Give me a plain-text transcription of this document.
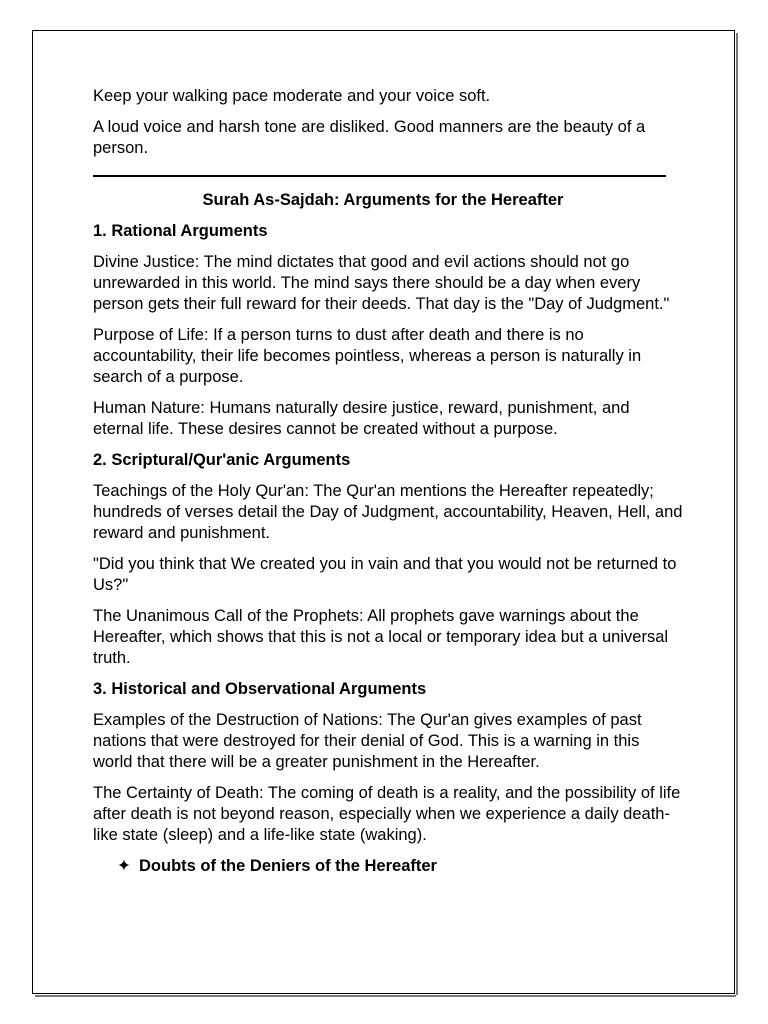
Keep your walking pace moderate and your voice soft.

A loud voice and harsh tone are disliked. Good manners are the beauty of a person.

Surah As-Sajdah: Arguments for the Hereafter

1. Rational Arguments

Divine Justice: The mind dictates that good and evil actions should not go unrewarded in this world. The mind says there should be a day when every person gets their full reward for their deeds. That day is the "Day of Judgment."

Purpose of Life: If a person turns to dust after death and there is no accountability, their life becomes pointless, whereas a person is naturally in search of a purpose.

Human Nature: Humans naturally desire justice, reward, punishment, and eternal life. These desires cannot be created without a purpose.

2. Scriptural/Qur'anic Arguments

Teachings of the Holy Qur'an: The Qur'an mentions the Hereafter repeatedly; hundreds of verses detail the Day of Judgment, accountability, Heaven, Hell, and reward and punishment.

"Did you think that We created you in vain and that you would not be returned to Us?"

The Unanimous Call of the Prophets: All prophets gave warnings about the Hereafter, which shows that this is not a local or temporary idea but a universal truth.

3. Historical and Observational Arguments

Examples of the Destruction of Nations: The Qur'an gives examples of past nations that were destroyed for their denial of God. This is a warning in this world that there will be a greater punishment in the Hereafter.

The Certainty of Death: The coming of death is a reality, and the possibility of life after death is not beyond reason, especially when we experience a daily death-like state (sleep) and a life-like state (waking).

✦ Doubts of the Deniers of the Hereafter
